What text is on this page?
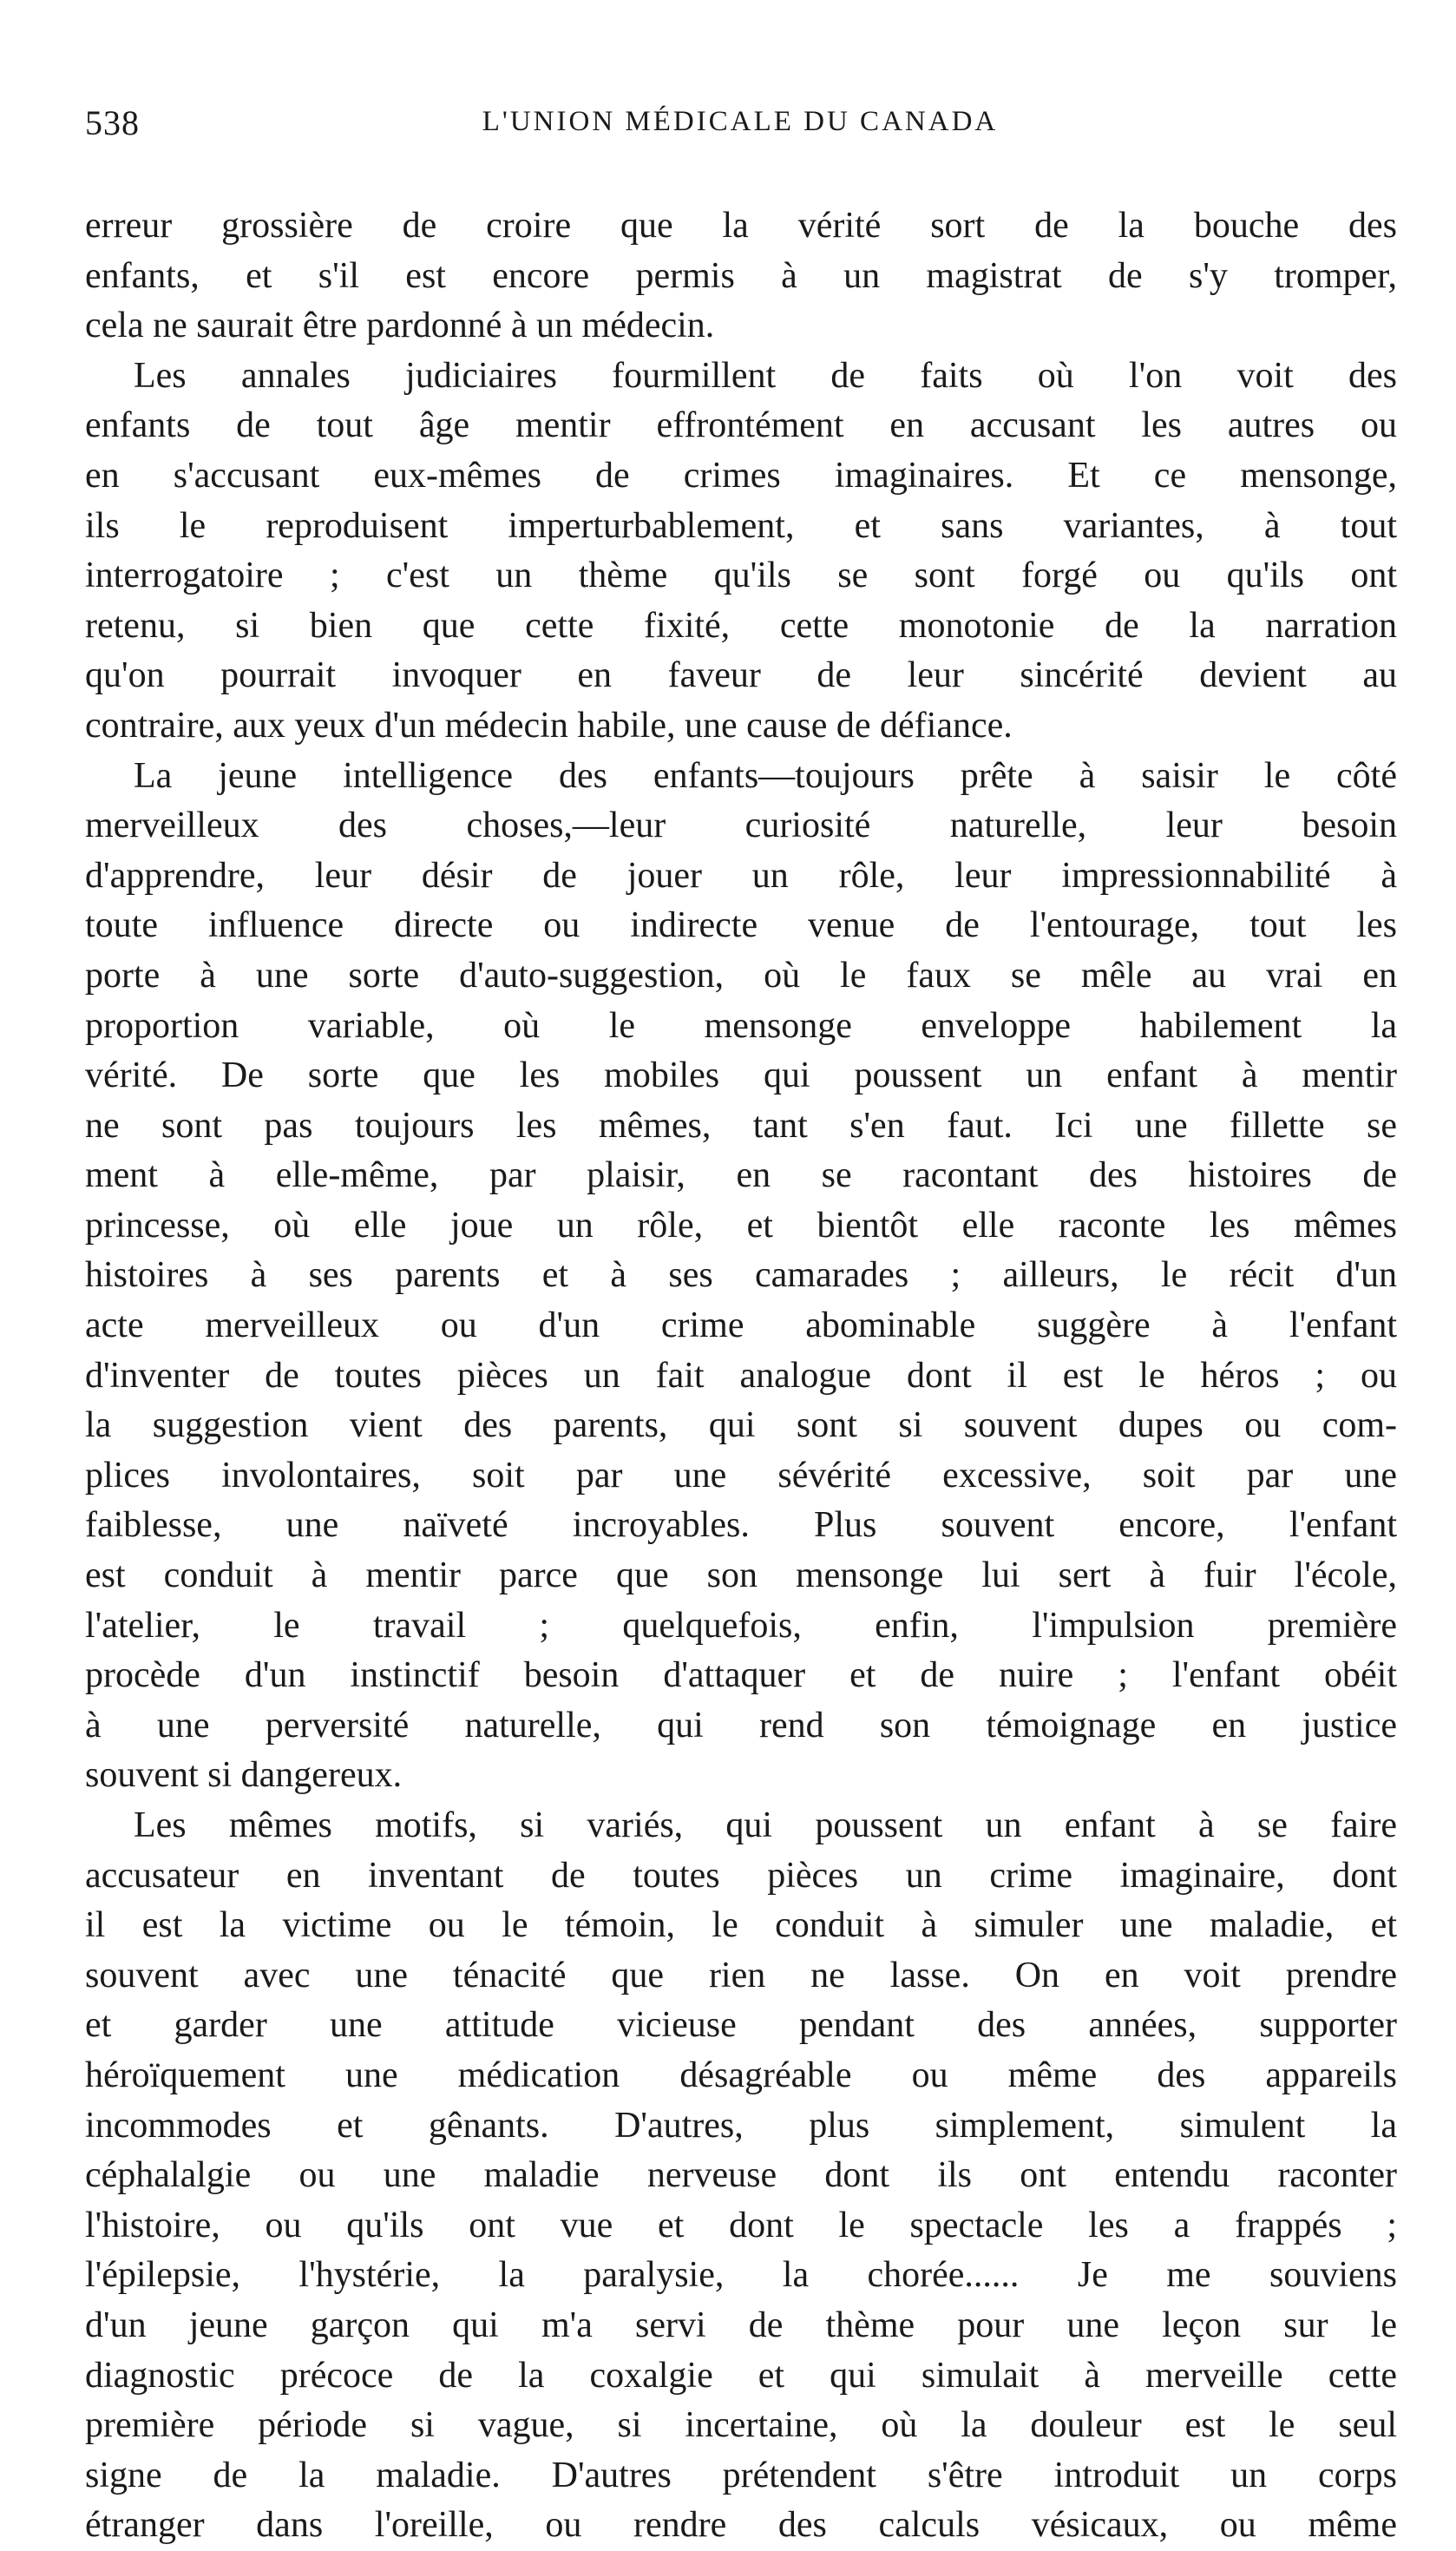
538	L'UNION MÉDICALE DU CANADA
erreur grossière de croire que la vérité sort de la bouche des
enfants, et s'il est encore permis à un magistrat de s'y tromper,
cela ne saurait être pardonné à un médecin.
Les annales judiciaires fourmillent de faits où l'on voit des
enfants de tout âge mentir effrontément en accusant les autres ou
en s'accusant eux-mêmes de crimes imaginaires. Et ce mensonge,
ils le reproduisent imperturbablement, et sans variantes, à tout
interrogatoire ; c'est un thème qu'ils se sont forgé ou qu'ils ont
retenu, si bien que cette fixité, cette monotonie de la narration
qu'on pourrait invoquer en faveur de leur sincérité devient au
contraire, aux yeux d'un médecin habile, une cause de défiance.
La jeune intelligence des enfants—toujours prête à saisir le côté
merveilleux des choses,—leur curiosité naturelle, leur besoin
d'apprendre, leur désir de jouer un rôle, leur impressionnabilité à
toute influence directe ou indirecte venue de l'entourage, tout les
porte à une sorte d'auto-suggestion, où le faux se mêle au vrai en
proportion variable, où le mensonge enveloppe habilement la
vérité. De sorte que les mobiles qui poussent un enfant à mentir
ne sont pas toujours les mêmes, tant s'en faut. Ici une fillette se
ment à elle-même, par plaisir, en se racontant des histoires de
princesse, où elle joue un rôle, et bientôt elle raconte les mêmes
histoires à ses parents et à ses camarades ; ailleurs, le récit d'un
acte merveilleux ou d'un crime abominable suggère à l'enfant
d'inventer de toutes pièces un fait analogue dont il est le héros ; ou
la suggestion vient des parents, qui sont si souvent dupes ou com-
plices involontaires, soit par une sévérité excessive, soit par une
faiblesse, une naïveté incroyables. Plus souvent encore, l'enfant
est conduit à mentir parce que son mensonge lui sert à fuir l'école,
l'atelier, le travail ; quelquefois, enfin, l'impulsion première
procède d'un instinctif besoin d'attaquer et de nuire ; l'enfant obéit
à une perversité naturelle, qui rend son témoignage en justice
souvent si dangereux.
Les mêmes motifs, si variés, qui poussent un enfant à se faire
accusateur en inventant de toutes pièces un crime imaginaire, dont
il est la victime ou le témoin, le conduit à simuler une maladie, et
souvent avec une ténacité que rien ne lasse. On en voit prendre
et garder une attitude vicieuse pendant des années, supporter
héroïquement une médication désagréable ou même des appareils
incommodes et gênants. D'autres, plus simplement, simulent la
céphalalgie ou une maladie nerveuse dont ils ont entendu raconter
l'histoire, ou qu'ils ont vue et dont le spectacle les a frappés ;
l'épilepsie, l'hystérie, la paralysie, la chorée...... Je me souviens
d'un jeune garçon qui m'a servi de thème pour une leçon sur le
diagnostic précoce de la coxalgie et qui simulait à merveille cette
première période si vague, si incertaine, où la douleur est le seul
signe de la maladie. D'autres prétendent s'être introduit un corps
étranger dans l'oreille, ou rendre des calculs vésicaux, ou même
